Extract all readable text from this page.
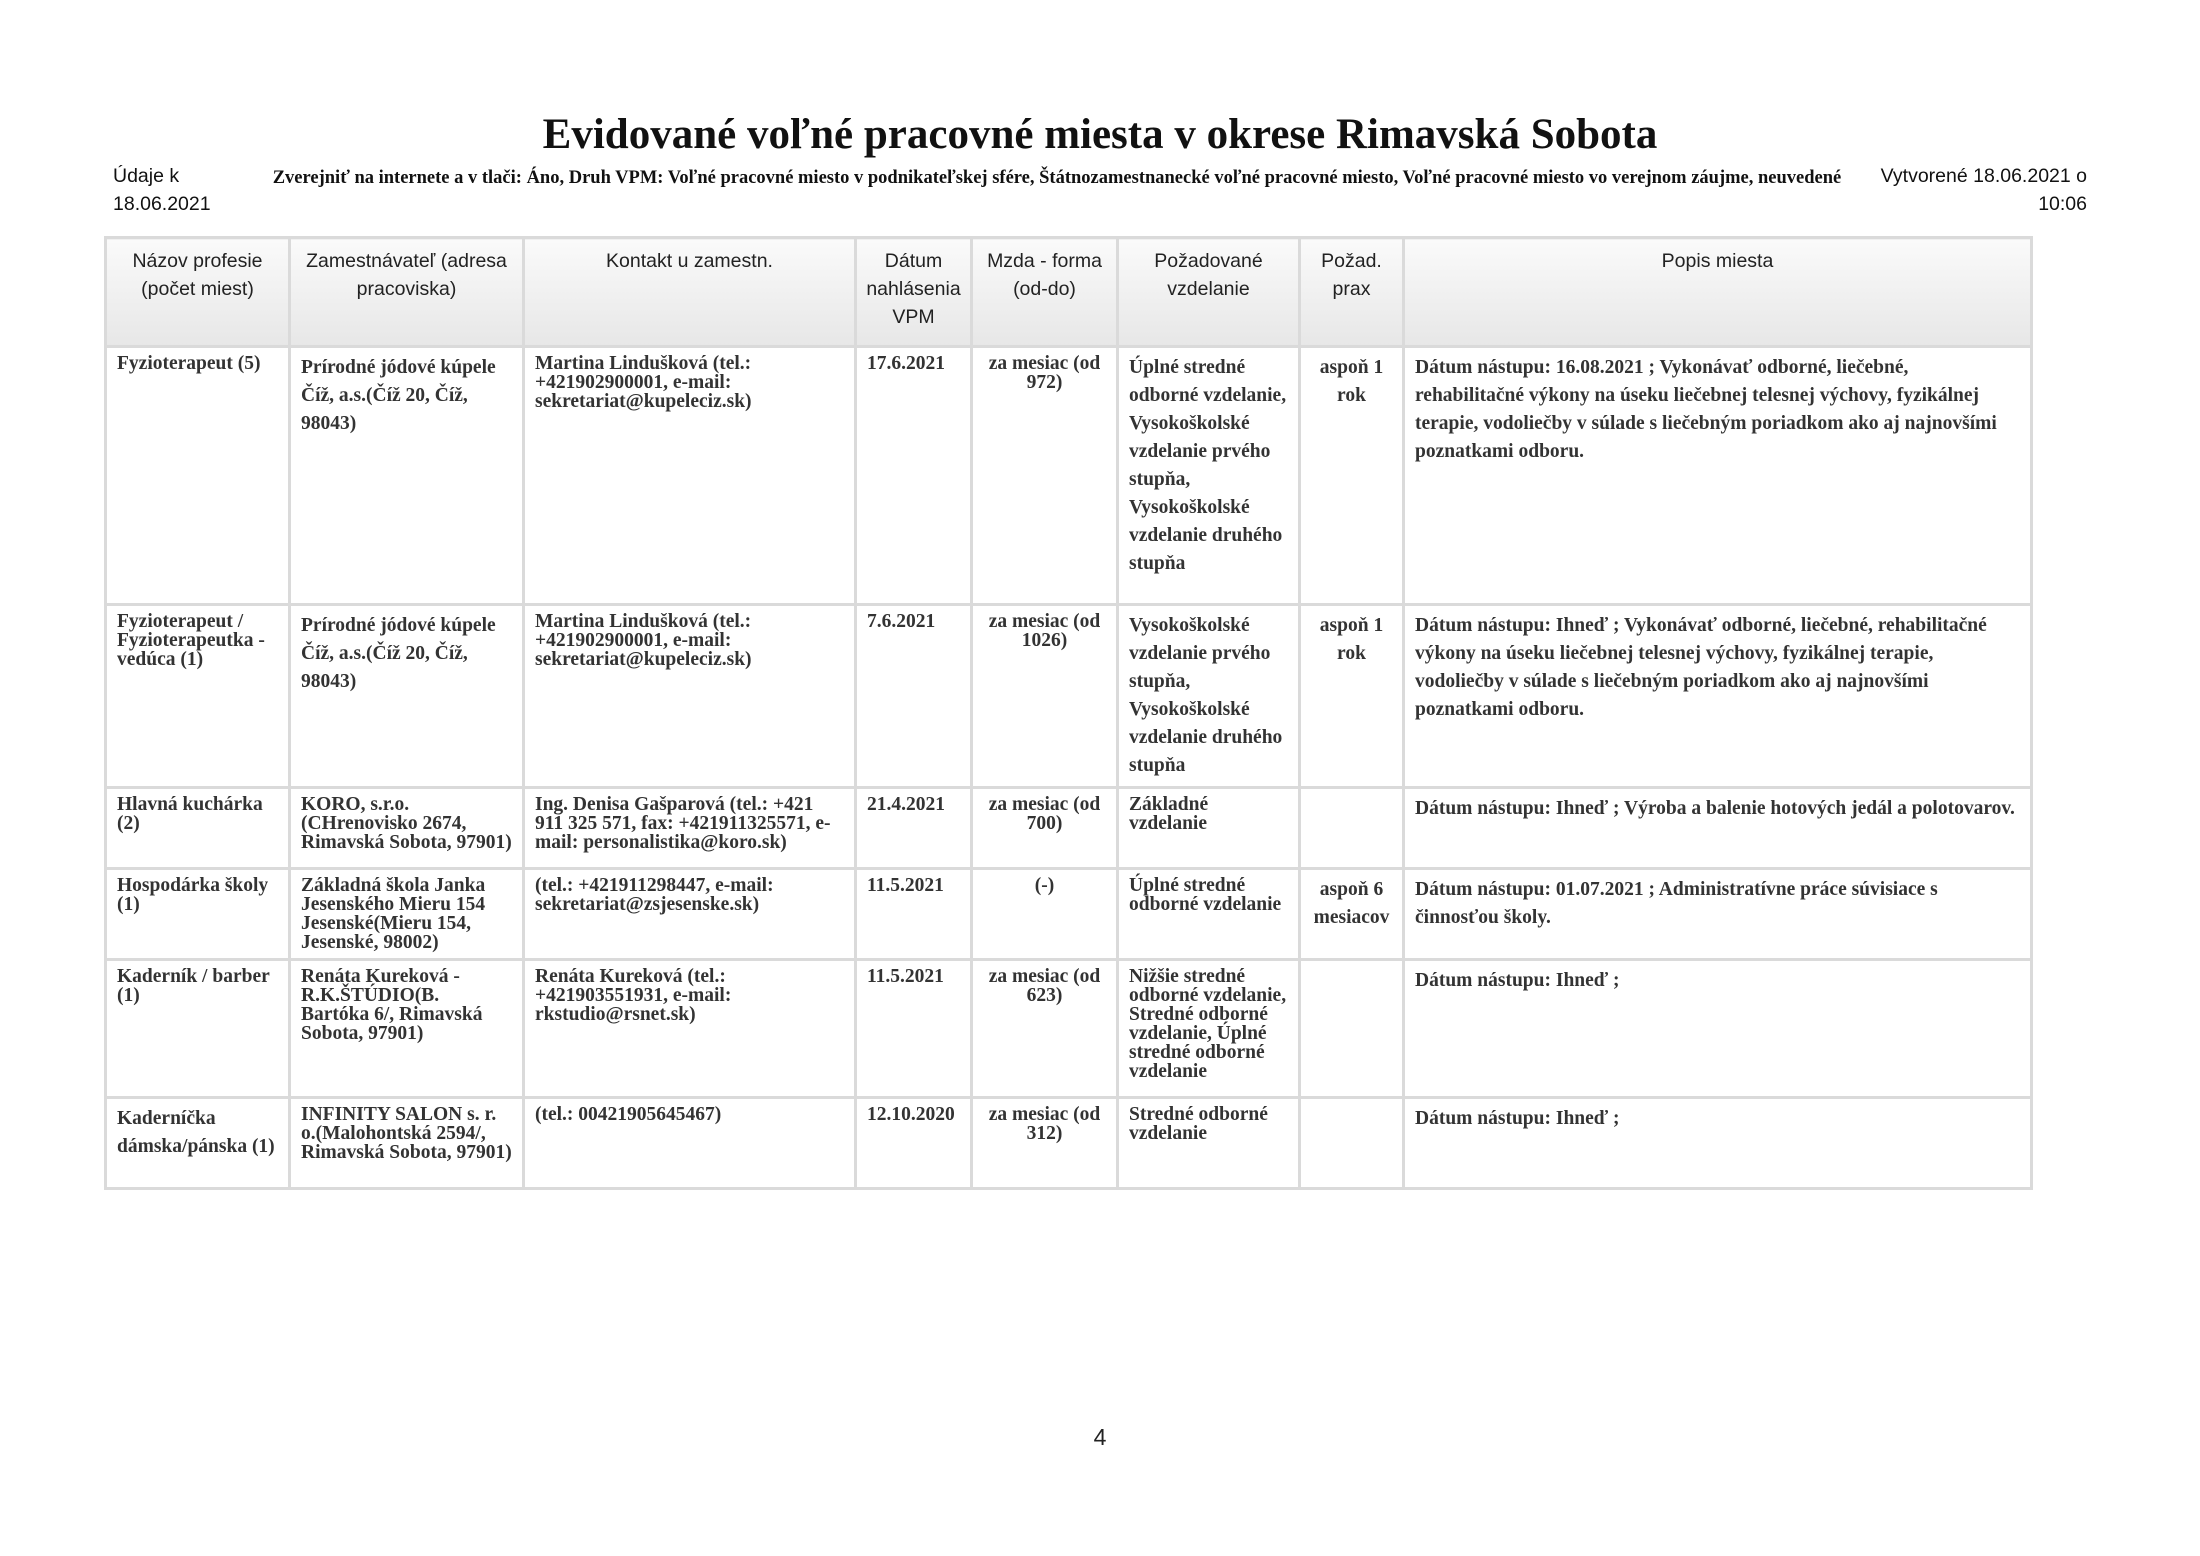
Evidované voľné pracovné miesta v okrese Rimavská Sobota
Údaje k 18.06.2021
Zverejniť na internete a v tlači: Áno, Druh VPM: Voľné pracovné miesto v podnikateľskej sfére, Štátnozamestnanecké voľné pracovné miesto, Voľné pracovné miesto vo verejnom záujme, neuvedené	Vytvorené 18.06.2021 o 10:06
Názov profesie (počet miest)	Zamestnávateľ (adresa pracoviska)	Kontakt u zamestn.	Dátum nahlásenia VPM	Mzda - forma (od-do)	Požadované vzdelanie	Požad. prax	Popis miesta
Fyzioterapeut (5)	Prírodné jódové kúpele Číž, a.s.(Číž 20, Číž, 98043)	Martina Lindušková (tel.: +421902900001, e-mail: sekretariat@kupeleciz.sk)	17.6.2021	za mesiac (od 972)	Úplné stredné odborné vzdelanie, Vysokoškolské vzdelanie prvého stupňa, Vysokoškolské vzdelanie druhého stupňa	aspoň 1 rok	Dátum nástupu: 16.08.2021 ; Vykonávať odborné, liečebné, rehabilitačné výkony na úseku liečebnej telesnej výchovy, fyzikálnej terapie, vodoliečby v súlade s liečebným poriadkom ako aj najnovšími poznatkami odboru.
Fyzioterapeut / Fyzioterapeutka - vedúca (1)	Prírodné jódové kúpele Číž, a.s.(Číž 20, Číž, 98043)	Martina Lindušková (tel.: +421902900001, e-mail: sekretariat@kupeleciz.sk)	7.6.2021	za mesiac (od 1026)	Vysokoškolské vzdelanie prvého stupňa, Vysokoškolské vzdelanie druhého stupňa	aspoň 1 rok	Dátum nástupu: Ihneď ; Vykonávať odborné, liečebné, rehabilitačné výkony na úseku liečebnej telesnej výchovy, fyzikálnej terapie, vodoliečby v súlade s liečebným poriadkom ako aj najnovšími poznatkami odboru.
Hlavná kuchárka (2)	KORO, s.r.o.(CHrenovisko 2674, Rimavská Sobota, 97901)	Ing. Denisa Gašparová (tel.: +421 911 325 571, fax: +421911325571, e-mail: personalistika@koro.sk)	21.4.2021	za mesiac (od 700)	Základné vzdelanie		Dátum nástupu: Ihneď ; Výroba a balenie hotových jedál a polotovarov.
Hospodárka školy (1)	Základná škola Janka Jesenského Mieru 154 Jesenské(Mieru 154, Jesenské, 98002)	(tel.: +421911298447, e-mail: sekretariat@zsjesenske.sk)	11.5.2021	(-)	Úplné stredné odborné vzdelanie	aspoň 6 mesiacov	Dátum nástupu: 01.07.2021 ; Administratívne práce súvisiace s činnosťou školy.
Kaderník / barber (1)	Renáta Kureková - R.K.ŠTÚDIO(B. Bartóka 6/, Rimavská Sobota, 97901)	Renáta Kureková (tel.: +421903551931, e-mail: rkstudio@rsnet.sk)	11.5.2021	za mesiac (od 623)	Nižšie stredné odborné vzdelanie, Stredné odborné vzdelanie, Úplné stredné odborné vzdelanie		Dátum nástupu: Ihneď ;
Kaderníčka dámska/pánska (1)	INFINITY SALON s. r. o.(Malohontská 2594/, Rimavská Sobota, 97901)	(tel.: 00421905645467)	12.10.2020	za mesiac (od 312)	Stredné odborné vzdelanie		Dátum nástupu: Ihneď ;
4
